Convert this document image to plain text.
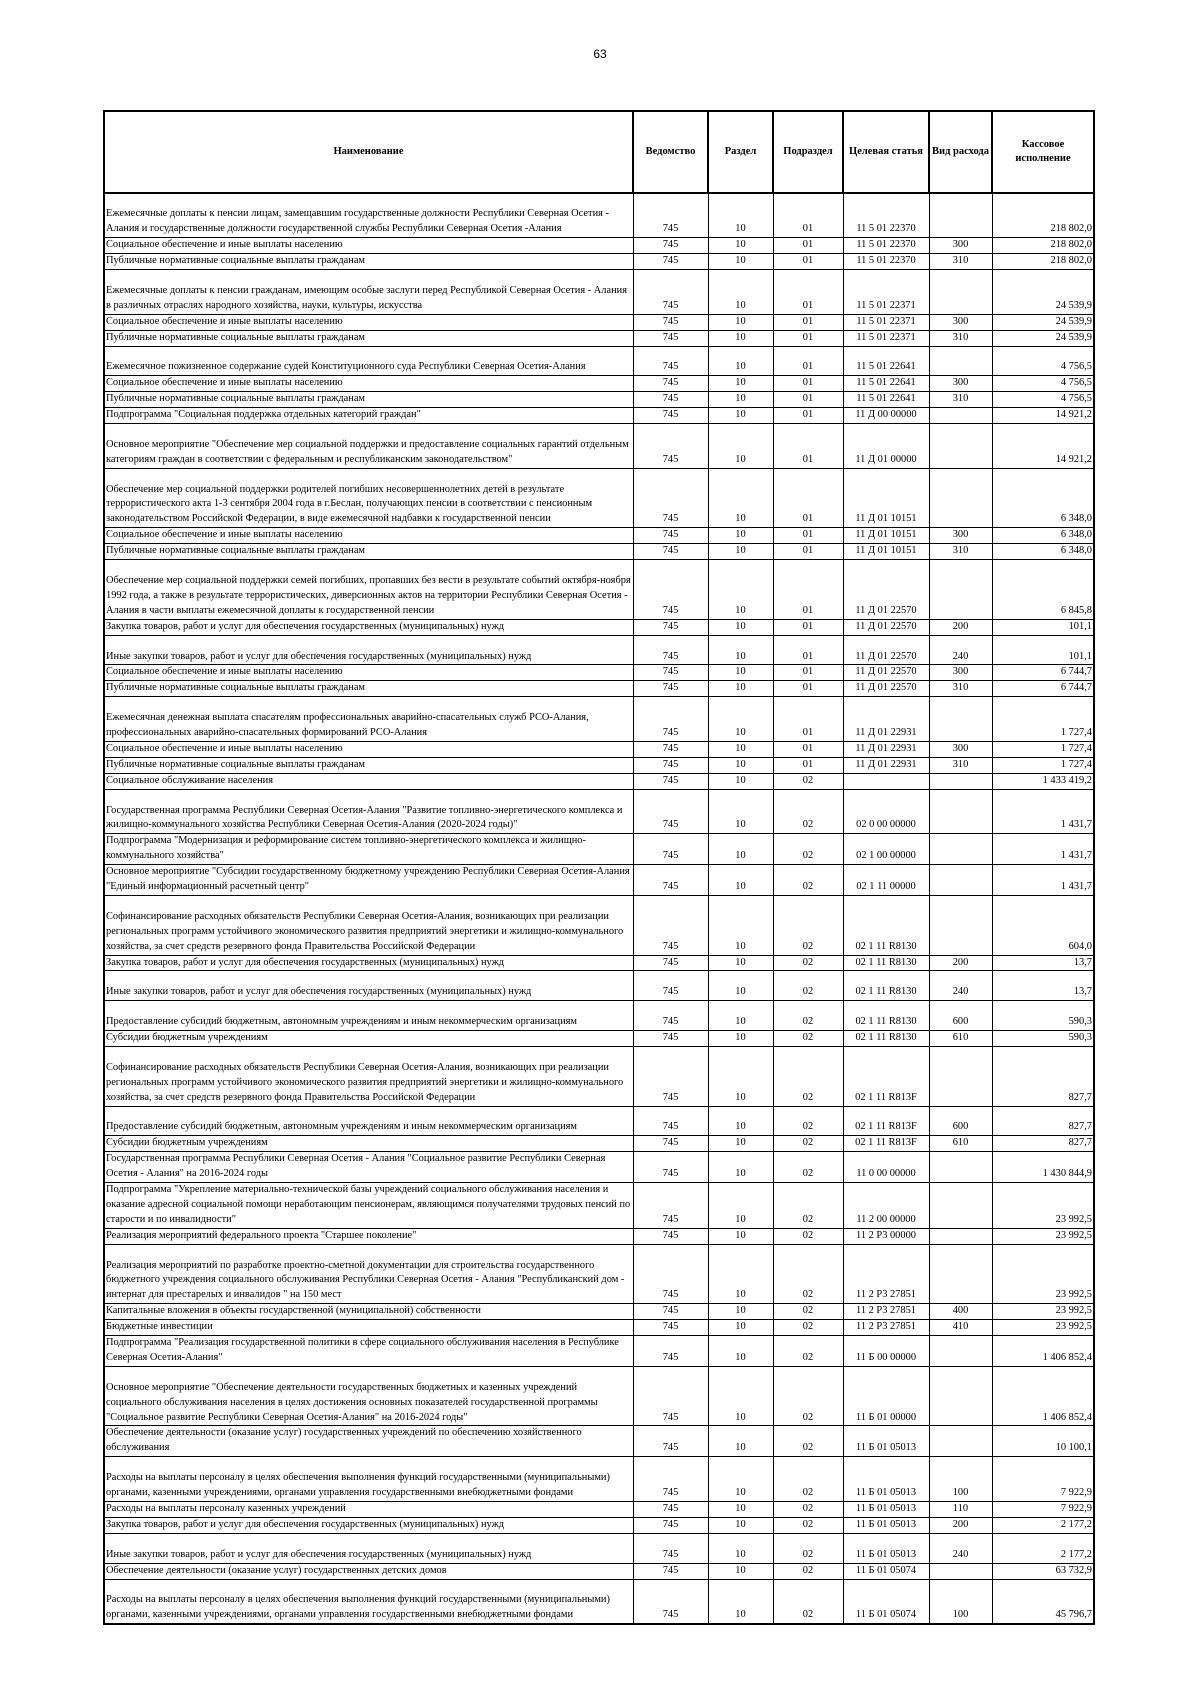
63
Наименование	Ведомство	Раздел	Подраздел	Целевая статья	Вид расхода	Кассовое исполнение
Ежемесячные доплаты к пенсии лицам, замещавшим государственные должности Республики Северная Осетия - Алания и государственные должности государственной службы Республики Северная Осетия -Алания	745	10	01	11 5 01 22370		218 802,0
Социальное обеспечение и иные выплаты населению	745	10	01	11 5 01 22370	300	218 802,0
Публичные нормативные социальные выплаты гражданам	745	10	01	11 5 01 22370	310	218 802,0
Ежемесячные доплаты к пенсии гражданам, имеющим особые заслуги перед Республикой Северная Осетия - Алания в различных отраслях народного хозяйства, науки, культуры, искусства	745	10	01	11 5 01 22371		24 539,9
Социальное обеспечение и иные выплаты населению	745	10	01	11 5 01 22371	300	24 539,9
Публичные нормативные социальные выплаты гражданам	745	10	01	11 5 01 22371	310	24 539,9
Ежемесячное пожизненное содержание судей Конституционного суда Республики Северная Осетия-Алания	745	10	01	11 5 01 22641		4 756,5
Социальное обеспечение и иные выплаты населению	745	10	01	11 5 01 22641	300	4 756,5
Публичные нормативные социальные выплаты гражданам	745	10	01	11 5 01 22641	310	4 756,5
Подпрограмма "Социальная поддержка отдельных категорий граждан"	745	10	01	11 Д 00 00000		14 921,2
Основное мероприятие "Обеспечение мер социальной поддержки и предоставление социальных гарантий отдельным категориям граждан в соответствии с федеральным и республиканским законодательством"	745	10	01	11 Д 01 00000		14 921,2
Обеспечение мер социальной поддержки родителей погибших несовершеннолетних детей в результате террористического акта 1-3 сентября 2004 года в г.Беслан, получающих пенсии в соответствии с пенсионным законодательством Российской Федерации, в виде ежемесячной надбавки к государственной пенсии	745	10	01	11 Д 01 10151		6 348,0
Социальное обеспечение и иные выплаты населению	745	10	01	11 Д 01 10151	300	6 348,0
Публичные нормативные социальные выплаты гражданам	745	10	01	11 Д 01 10151	310	6 348,0
Обеспечение мер социальной поддержки семей погибших, пропавших без вести в результате событий октября-ноября 1992 года, а также в результате террористических, диверсионных актов на территории Республики Северная Осетия - Алания в части выплаты ежемесячной доплаты к государственной пенсии	745	10	01	11 Д 01 22570		6 845,8
Закупка товаров, работ и услуг для обеспечения государственных (муниципальных) нужд	745	10	01	11 Д 01 22570	200	101,1
Иные закупки товаров, работ и услуг для обеспечения государственных (муниципальных) нужд	745	10	01	11 Д 01 22570	240	101,1
Социальное обеспечение и иные выплаты населению	745	10	01	11 Д 01 22570	300	6 744,7
Публичные нормативные социальные выплаты гражданам	745	10	01	11 Д 01 22570	310	6 744,7
Ежемесячная денежная выплата спасателям профессиональных аварийно-спасательных служб РСО-Алания, профессиональных аварийно-спасательных формирований РСО-Алания	745	10	01	11 Д 01 22931		1 727,4
Социальное обеспечение и иные выплаты населению	745	10	01	11 Д 01 22931	300	1 727,4
Публичные нормативные социальные выплаты гражданам	745	10	01	11 Д 01 22931	310	1 727,4
Социальное обслуживание населения	745	10	02			1 433 419,2
Государственная программа Республики Северная Осетия-Алания "Развитие топливно-энергетического комплекса и жилищно-коммунального хозяйства Республики Северная Осетия-Алания (2020-2024 годы)"	745	10	02	02 0 00 00000		1 431,7
Подпрограмма "Модернизация и реформирование систем топливно-энергетического комплекса и жилищно-коммунального хозяйства"	745	10	02	02 1 00 00000		1 431,7
Основное мероприятие "Субсидии государственному бюджетному учреждению Республики Северная Осетия-Алания "Единый информационный расчетный центр"	745	10	02	02 1 11 00000		1 431,7
Софинансирование расходных обязательств Республики Северная Осетия-Алания, возникающих при реализации региональных программ устойчивого экономического развития предприятий энергетики и жилищно-коммунального хозяйства, за счет средств резервного фонда Правительства Российской Федерации	745	10	02	02 1 11 R8130		604,0
Закупка товаров, работ и услуг для обеспечения государственных (муниципальных) нужд	745	10	02	02 1 11 R8130	200	13,7
Иные закупки товаров, работ и услуг для обеспечения государственных (муниципальных) нужд	745	10	02	02 1 11 R8130	240	13,7
Предоставление субсидий бюджетным, автономным учреждениям и иным некоммерческим организациям	745	10	02	02 1 11 R8130	600	590,3
Субсидии бюджетным учреждениям	745	10	02	02 1 11 R8130	610	590,3
Софинансирование расходных обязательств Республики Северная Осетия-Алания, возникающих при реализации региональных программ устойчивого экономического развития предприятий энергетики и жилищно-коммунального хозяйства, за счет средств резервного фонда Правительства Российской Федерации	745	10	02	02 1 11 R813F		827,7
Предоставление субсидий бюджетным, автономным учреждениям и иным некоммерческим организациям	745	10	02	02 1 11 R813F	600	827,7
Субсидии бюджетным учреждениям	745	10	02	02 1 11 R813F	610	827,7
Государственная программа Республики Северная Осетия - Алания "Социальное развитие Республики Северная Осетия - Алания" на 2016-2024 годы	745	10	02	11 0 00 00000		1 430 844,9
Подпрограмма "Укрепление материально-технической базы учреждений социального обслуживания населения и оказание адресной социальной помощи неработающим пенсионерам, являющимся получателями трудовых пенсий по старости и по инвалидности"	745	10	02	11 2 00 00000		23 992,5
Реализация мероприятий федерального проекта "Старшее поколение"	745	10	02	11 2 P3 00000		23 992,5
Реализация мероприятий по разработке проектно-сметной документации для строительства государственного бюджетного учреждения социального обслуживания Республики Северная Осетия - Алания "Республиканский дом - интернат для престарелых и инвалидов " на 150 мест	745	10	02	11 2 P3 27851		23 992,5
Капитальные вложения в объекты государственной (муниципальной) собственности	745	10	02	11 2 P3 27851	400	23 992,5
Бюджетные инвестиции	745	10	02	11 2 P3 27851	410	23 992,5
Подпрограмма "Реализация государственной политики в сфере социального обслуживания населения в Республике Северная Осетия-Алания"	745	10	02	11 Б 00 00000		1 406 852,4
Основное мероприятие "Обеспечение деятельности государственных бюджетных и казенных учреждений социального обслуживания населения в целях достижения основных показателей государственной программы "Социальное развитие Республики Северная Осетия-Алания" на 2016-2024 годы"	745	10	02	11 Б 01 00000		1 406 852,4
Обеспечение деятельности (оказание услуг) государственных учреждений по обеспечению хозяйственного обслуживания	745	10	02	11 Б 01 05013		10 100,1
Расходы на выплаты персоналу в целях обеспечения выполнения функций государственными (муниципальными) органами, казенными учреждениями, органами управления государственными внебюджетными фондами	745	10	02	11 Б 01 05013	100	7 922,9
Расходы на выплаты персоналу казенных учреждений	745	10	02	11 Б 01 05013	110	7 922,9
Закупка товаров, работ и услуг для обеспечения государственных (муниципальных) нужд	745	10	02	11 Б 01 05013	200	2 177,2
Иные закупки товаров, работ и услуг для обеспечения государственных (муниципальных) нужд	745	10	02	11 Б 01 05013	240	2 177,2
Обеспечение деятельности (оказание услуг) государственных детских домов	745	10	02	11 Б 01 05074		63 732,9
Расходы на выплаты персоналу в целях обеспечения выполнения функций государственными (муниципальными) органами, казенными учреждениями, органами управления государственными внебюджетными фондами	745	10	02	11 Б 01 05074	100	45 796,7
